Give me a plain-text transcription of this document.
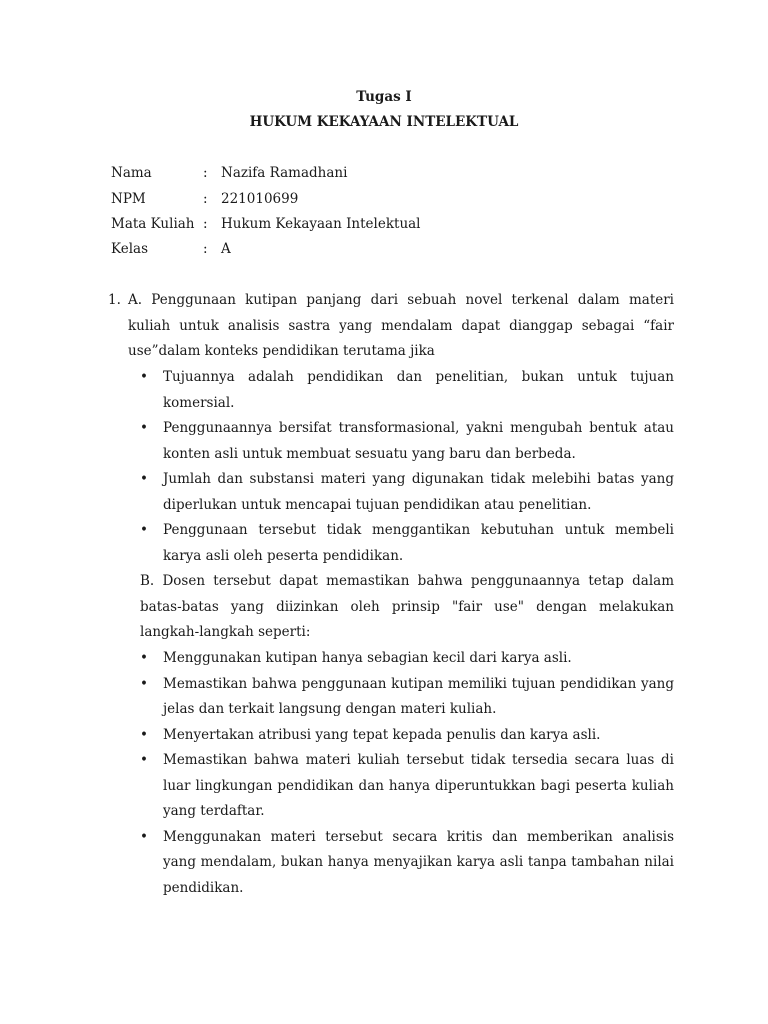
Tugas I
HUKUM KEKAYAAN INTELEKTUAL
Nama	: Nazifa Ramadhani
NPM	: 221010699
Mata Kuliah : Hukum Kekayaan Intelektual
Kelas	: A
1. A. Penggunaan kutipan panjang dari sebuah novel terkenal dalam materi kuliah untuk analisis sastra yang mendalam dapat dianggap sebagai “fair use”dalam konteks pendidikan terutama jika
• Tujuannya adalah pendidikan dan penelitian, bukan untuk tujuan komersial.
• Penggunaannya bersifat transformasional, yakni mengubah bentuk atau konten asli untuk membuat sesuatu yang baru dan berbeda.
• Jumlah dan substansi materi yang digunakan tidak melebihi batas yang diperlukan untuk mencapai tujuan pendidikan atau penelitian.
• Penggunaan tersebut tidak menggantikan kebutuhan untuk membeli karya asli oleh peserta pendidikan.
B. Dosen tersebut dapat memastikan bahwa penggunaannya tetap dalam batas-batas yang diizinkan oleh prinsip "fair use" dengan melakukan langkah-langkah seperti:
• Menggunakan kutipan hanya sebagian kecil dari karya asli.
• Memastikan bahwa penggunaan kutipan memiliki tujuan pendidikan yang jelas dan terkait langsung dengan materi kuliah.
• Menyertakan atribusi yang tepat kepada penulis dan karya asli.
• Memastikan bahwa materi kuliah tersebut tidak tersedia secara luas di luar lingkungan pendidikan dan hanya diperuntukkan bagi peserta kuliah yang terdaftar.
• Menggunakan materi tersebut secara kritis dan memberikan analisis yang mendalam, bukan hanya menyajikan karya asli tanpa tambahan nilai pendidikan.
